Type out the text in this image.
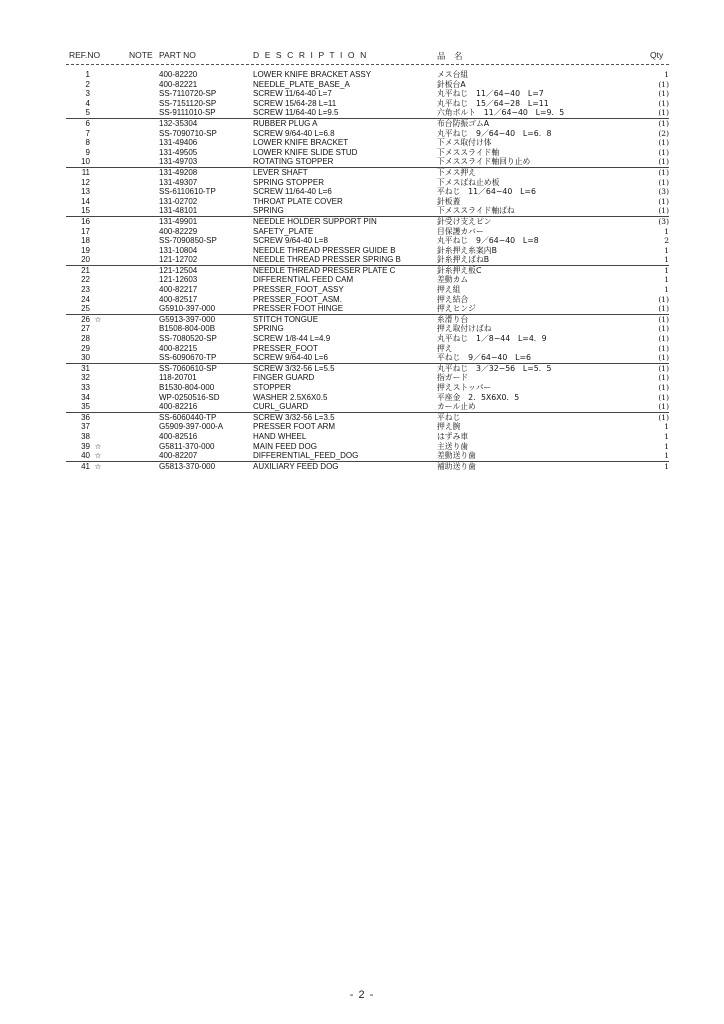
REF.NO	NOTE PART NO	D E S C R I P T I O N	品　名	Qty
1	400-82220	LOWER KNIFE BRACKET ASSY	メス台組	1
2	400-82221	NEEDLE_PLATE_BASE_A	針板台A	(1)
3	SS-7110720-SP	SCREW 11/64-40 L=7	丸平ねじ　11／64−40　L=7	(1)
4	SS-7151120-SP	SCREW 15/64-28 L=11	丸平ねじ　15／64−28　L=11	(1)
5	SS-9111010-SP	SCREW 11/64-40 L=9.5	六角ボルト　11／64−40　L=9．5	(1)
6	132-35304	RUBBER PLUG A	布台防振ゴムA	(1)
7	SS-7090710-SP	SCREW 9/64-40 L=6.8	丸平ねじ　9／64−40　L=6．8	(2)
8	131-49406	LOWER KNIFE BRACKET	下メス取付け体	(1)
9	131-49505	LOWER KNIFE SLIDE STUD	下メススライド軸	(1)
10	131-49703	ROTATING STOPPER	下メススライド軸回り止め	(1)
11	131-49208	LEVER SHAFT	下メス押え	(1)
12	131-49307	SPRING STOPPER	下メスばね止め板	(1)
13	SS-6110610-TP	SCREW 11/64-40 L=6	平ねじ　11／64−40　L=6	(3)
14	131-02702	THROAT PLATE COVER	針板蓋	(1)
15	131-48101	SPRING	下メススライド軸ばね	(1)
16	131-49901	NEEDLE HOLDER SUPPORT PIN	針受け支えピン	(3)
17	400-82229	SAFETY_PLATE	目保護カバー	1
18	SS-7090850-SP	SCREW 9/64-40 L=8	丸平ねじ　9／64−40　L=8	2
19	131-10804	NEEDLE THREAD PRESSER GUIDE B	針糸押え糸案内B	1
20	121-12702	NEEDLE THREAD PRESSER SPRING B	針糸押えばねB	1
21	121-12504	NEEDLE THREAD PRESSER PLATE C	針糸押え板C	1
22	121-12603	DIFFERENTIAL FEED CAM	差動カム	1
23	400-82217	PRESSER_FOOT_ASSY	押え組	1
24	400-82517	PRESSER_FOOT_ASM.	押え結合	(1)
25	G5910-397-000	PRESSER FOOT HINGE	押えヒンジ	(1)
26 ☆	G5913-397-000	STITCH TONGUE	糸滑り台	(1)
27	B1508-804-00B	SPRING	押え取付けばね	(1)
28	SS-7080520-SP	SCREW 1/8-44 L=4.9	丸平ねじ　1／8−44　L=4．9	(1)
29	400-82215	PRESSER_FOOT	押え	(1)
30	SS-6090670-TP	SCREW 9/64-40 L=6	平ねじ　9／64−40　L=6	(1)
31	SS-7060610-SP	SCREW 3/32-56 L=5.5	丸平ねじ　3／32−56　L=5．5	(1)
32	118-20701	FINGER GUARD	指ガード	(1)
33	B1530-804-000	STOPPER	押えストッパー	(1)
34	WP-0250516-SD	WASHER 2.5X6X0.5	平座金　2．5X6X0．5	(1)
35	400-82216	CURL_GUARD	カール止め	(1)
36	SS-6060440-TP	SCREW 3/32-56 L=3.5	平ねじ	(1)
37	G5909-397-000-A	PRESSER FOOT ARM	押え腕	1
38	400-82516	HAND WHEEL	はずみ車	1
39 ☆	G5811-370-000	MAIN FEED DOG	主送り歯	1
40 ☆	400-82207	DIFFERENTIAL_FEED_DOG	差動送り歯	1
41 ☆	G5813-370-000	AUXILIARY FEED DOG	補助送り歯	1
- 2 -
